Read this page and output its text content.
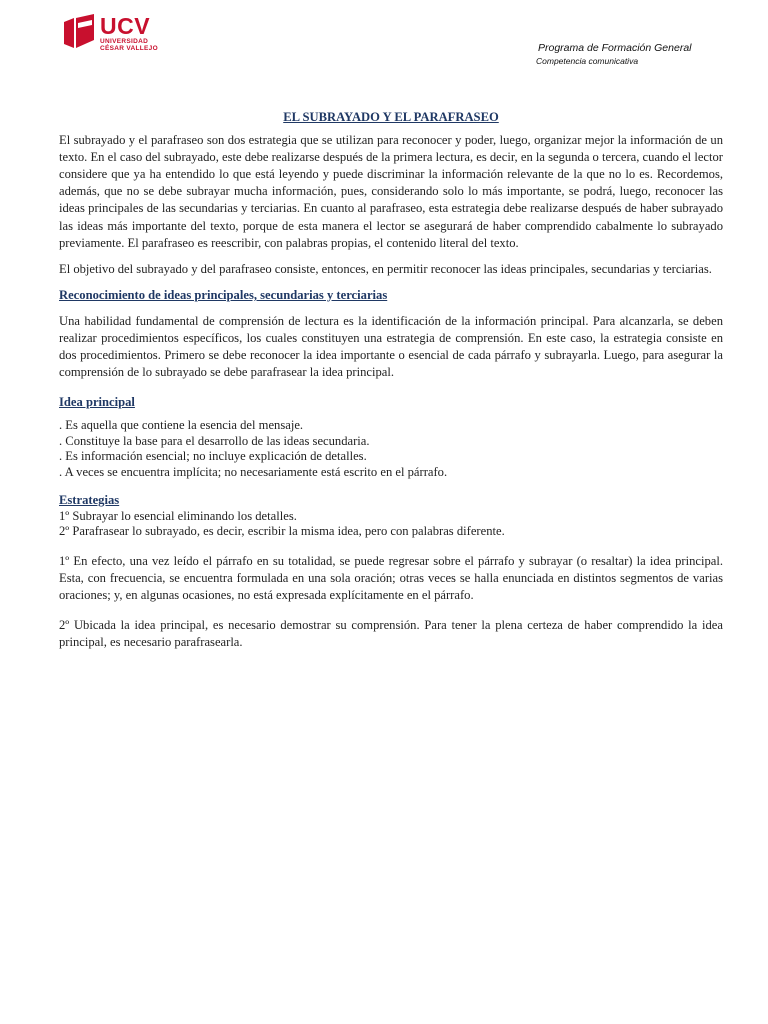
UCV
UNIVERSIDAD
CÉSAR VALLEJO	Programa de Formación General
Competencia comunicativa
EL SUBRAYADO Y EL PARAFRASEO

El subrayado y el parafraseo son dos estrategia que se utilizan para reconocer y poder, luego, organizar mejor la información de un texto. En el caso del subrayado, este debe realizarse después de la primera lectura, es decir, en la segunda o tercera, cuando el lector considere que ya ha entendido lo que está leyendo y puede discriminar la información relevante de la que no lo es. Recordemos, además, que no se debe subrayar mucha información, pues, considerando solo lo más importante, se podrá, luego, reconocer las ideas principales de las secundarias y terciarias. En cuanto al parafraseo, esta estrategia debe realizarse después de haber subrayado las ideas más importante del texto, porque de esta manera el lector se asegurará de haber comprendido cabalmente lo subrayado previamente. El parafraseo es reescribir, con palabras propias, el contenido literal del texto.

El objetivo del subrayado y del parafraseo consiste, entonces, en permitir reconocer las ideas principales, secundarias y terciarias.

Reconocimiento de ideas principales, secundarias y terciarias

Una habilidad fundamental de comprensión de lectura es la identificación de la información principal. Para alcanzarla, se deben realizar procedimientos específicos, los cuales constituyen una estrategia de comprensión. En este caso, la estrategia consiste en dos procedimientos. Primero se debe reconocer la idea importante o esencial de cada párrafo y subrayarla. Luego, para asegurar la comprensión de lo subrayado se debe parafrasear la idea principal.

Idea principal
. Es aquella que contiene la esencia del mensaje.
. Constituye la base para el desarrollo de las ideas secundaria.
. Es información esencial; no incluye explicación de detalles.
. A veces se encuentra implícita; no necesariamente está escrito en el párrafo.
Estrategias
1º Subrayar lo esencial eliminando los detalles.
2º Parafrasear lo subrayado, es decir, escribir la misma idea, pero con palabras diferente.

1º En efecto, una vez leído el párrafo en su totalidad, se puede regresar sobre el párrafo y subrayar (o resaltar) la idea principal. Esta, con frecuencia, se encuentra formulada en una sola oración; otras veces se halla enunciada en distintos segmentos de varias oraciones; y, en algunas ocasiones, no está expresada explícitamente en el párrafo.

2º Ubicada la idea principal, es necesario demostrar su comprensión. Para tener la plena certeza de haber comprendido la idea principal, es necesario parafrasearla.
